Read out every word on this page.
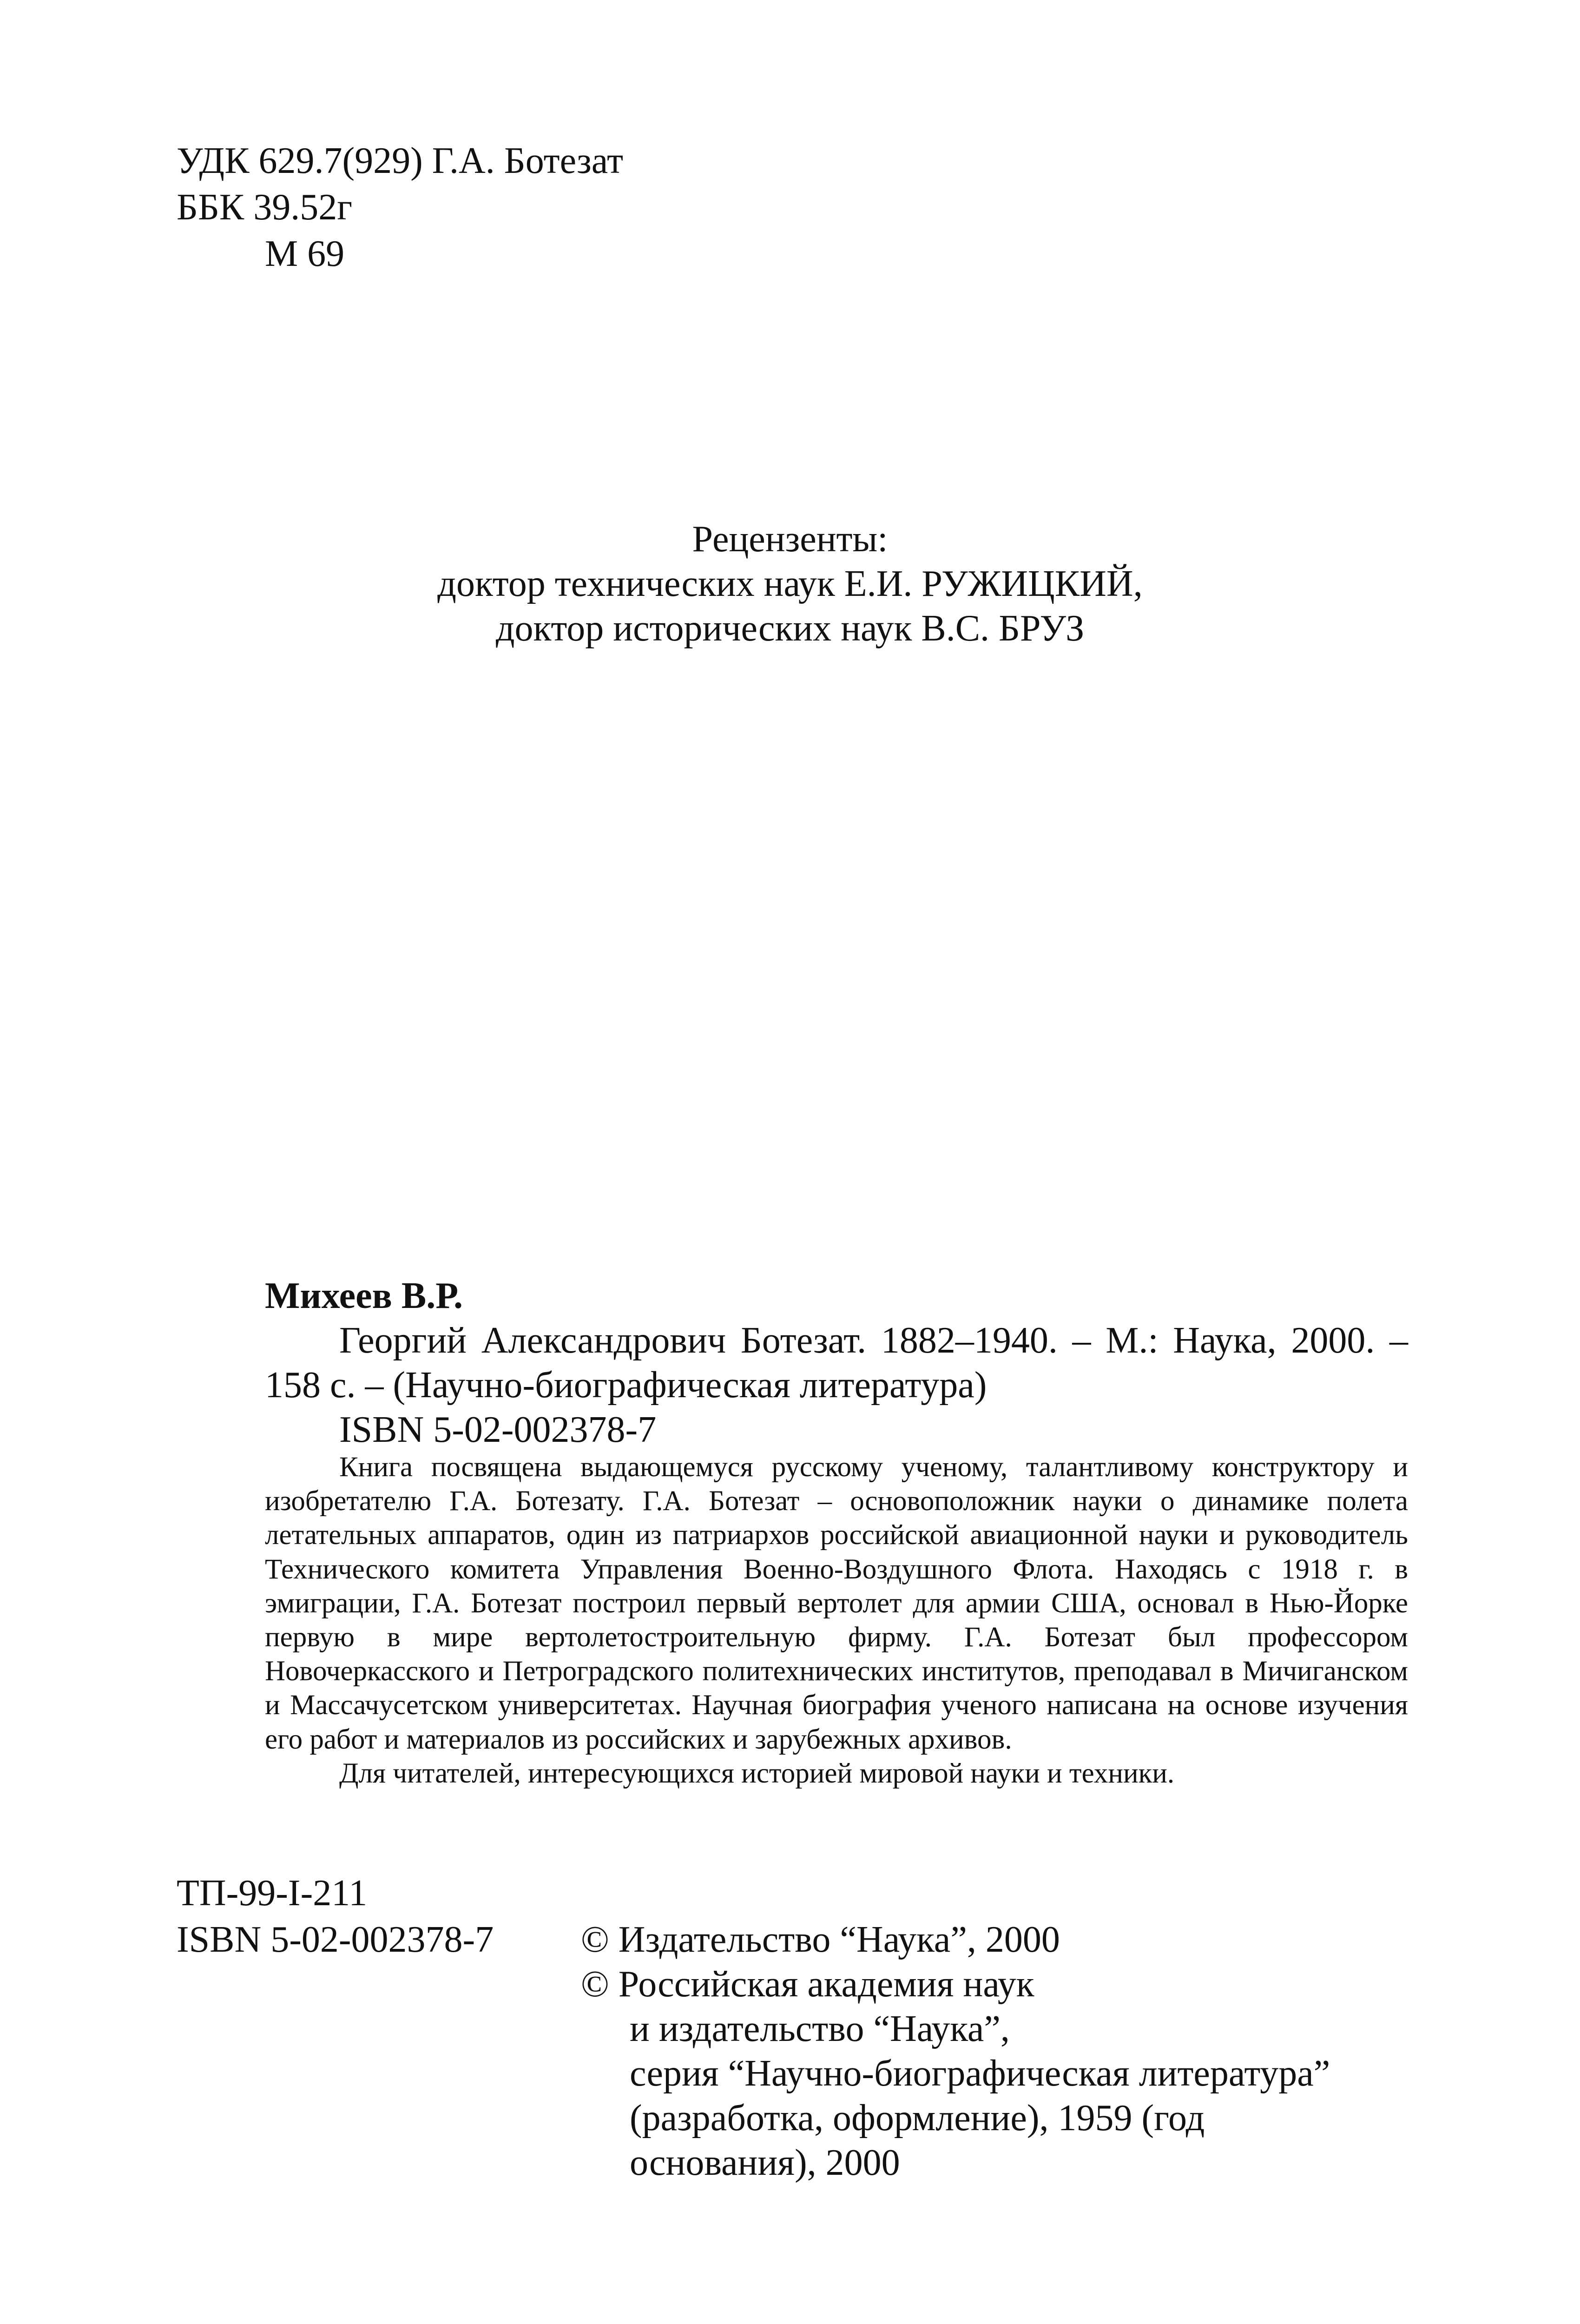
УДК 629.7(929) Г.А. Ботезат
ББК 39.52г
М 69
Рецензенты:
доктор технических наук Е.И. РУЖИЦКИЙ,
доктор исторических наук В.С. БРУЗ
Михеев В.Р.
Георгий Александрович Ботезат. 1882–1940. – М.: Наука, 2000. – 158 с. – (Научно-биографическая литература)
ISBN 5-02-002378-7

Книга посвящена выдающемуся русскому ученому, талантливому конструктору и изобретателю Г.А. Ботезату. Г.А. Ботезат – основоположник науки о динамике полета летательных аппаратов, один из патриархов российской авиационной науки и руководитель Технического комитета Управления Военно-Воздушного Флота. Находясь с 1918 г. в эмиграции, Г.А. Ботезат построил первый вертолет для армии США, основал в Нью-Йорке первую в мире вертолетостроительную фирму. Г.А. Ботезат был профессором Новочеркасского и Петроградского политехнических институтов, преподавал в Мичиганском и Массачусетском университетах. Научная биография ученого написана на основе изучения его работ и материалов из российских и зарубежных архивов.

Для читателей, интересующихся историей мировой науки и техники.

ТП-99-I-211
ISBN 5-02-002378-7 © Издательство “Наука”, 2000
© Российская академия наук
и издательство “Наука”,
серия “Научно-биографическая литература”
(разработка, оформление), 1959 (год
основания), 2000
